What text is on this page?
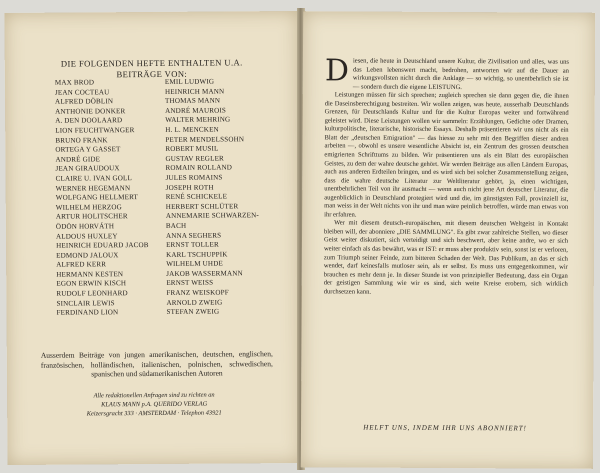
DIE FOLGENDEN HEFTE ENTHALTEN U.A.
BEITRÄGE VON:
MAX BROD
JEAN COCTEAU
ALFRED DÖBLIN
ANTHONIE DONKER
A. DEN DOOLAARD
LION FEUCHTWANGER
BRUNO FRANK
ORTEGA Y GASSET
ANDRÉ GIDE
JEAN GIRAUDOUX
CLAIRE U. IVAN GOLL
WERNER HEGEMANN
WOLFGANG HELLMERT
WILHELM HERZOG
ARTUR HOLITSCHER
ÖDÖN HORVÁTH
ALDOUS HUXLEY
HEINRICH EDUARD JACOB
EDMOND JALOUX
ALFRED KERR
HERMANN KESTEN
EGON ERWIN KISCH
RUDOLF LEONHARD
SINCLAIR LEWIS
FERDINAND LION
EMIL LUDWIG
HEINRICH MANN
THOMAS MANN
ANDRÉ MAUROIS
WALTER MEHRING
H. L. MENCKEN
PETER MENDELSSOHN
ROBERT MUSIL
GUSTAV REGLER
ROMAIN ROLLAND
JULES ROMAINS
JOSEPH ROTH
RENÉ SCHICKELE
HERBERT SCHLÜTER
ANNEMARIE SCHWARZEN-
BACH
ANNA SEGHERS
ERNST TOLLER
KARL TSCHUPPIK
WILHELM UHDE
JAKOB WASSERMANN
ERNST WEISS
FRANZ WEISKOPF
ARNOLD ZWEIG
STEFAN ZWEIG
Ausserdem Beiträge von jungen amerikanischen, deutschen, englischen, französischen, holländischen, italienischen, polnischen, schwedischen, spanischen und südamerikanischen Autoren
Alle redaktionellen Anfragen sind zu richten an
KLAUS MANN p.A. QUERIDO VERLAG
Keizersgracht 333 · AMSTERDAM · Telephon 43921

Diesen, die heute in Deutschland unsere Kultur, die Zivilisation und alles, was uns das Leben lebenswert macht, bedrohen, antworten wir auf die Dauer an wirkungsvollsten nicht durch die Anklage — so wichtig, so unentbehrlich sie ist — sondern durch die eigene LEISTUNG.

Leistungen müssen für sich sprechen; zugleich sprechen sie dann gegen die, die ihnen die Daseinsberechtigung bestreiten. Wir wollen zeigen, was heute, ausserhalb Deutschlands Grenzen, für Deutschlands Kultur und für die Kultur Europas weiter und fortwährend geleistet wird. Diese Leistungen wollen wir sammeln: Erzählungen, Gedichte oder Dramen, kulturpolitische, literarische, historische Essays. Deshalb präsentieren wir uns nicht als ein Blatt der „deutschen Emigration" — das hiesse zu sehr mit den Begriffen dieser andren arbeiten —, obwohl es unsere wesentliche Absicht ist, ein Zentrum des grossen deutschen emigrierten Schrifttums zu bilden. Wir präsentieren uns als ein Blatt des europäischen Geistes, zu dem der wahre deutsche gehört. Wir werden Beiträge aus allen Ländern Europas, auch aus anderen Erdteilen bringen, und es wird sich bei solcher Zusammenstellung zeigen, dass die wahre deutsche Literatur zur Weltliteratur gehört, ja, einen wichtigen, unentbehrlichen Teil von ihr ausmacht — wenn auch nicht jene Art deutscher Literatur, die augenblicklich in Deutschland protegiert wird und die, im günstigsten Fall, provinziell ist, man weiss in der Welt nichts von ihr und man wäre peinlich betroffen, würde man etwas von ihr erfahren.

Wer mit diesem deutsch-europäischen, mit diesem deutschen Weltgeist in Kontakt bleiben will, der abonniere „DIE SAMMLUNG". Es gibt zwar zahlreiche Stellen, wo dieser Geist weiter diskutiert, sich verteidigt und sich beschwert, aber keine andre, wo er sich weiter einfach als das bewährt, was er IST: er muss aber produktiv sein, sonst ist er verloren, zum Triumph seiner Feinde, zum bitteren Schaden der Welt. Das Publikum, an das er sich wendet, darf keinesfalls mutloser sein, als er selbst. Es muss uns entgegenkommen, wir brauchen es mehr denn je. In dieser Stunde ist von prinzipieller Bedeutung, dass ein Organ der geistigen Sammlung wie wir es sind, sich weite Kreise erobern, sich wirklich durchsetzen kann.

HELFT UNS, INDEM IHR UNS ABONNIERT!
